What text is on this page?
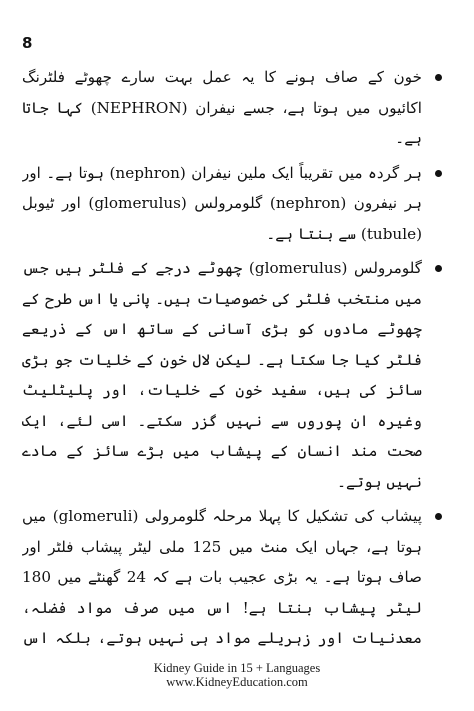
8
خون کے صاف ہونے کا یہ عمل بہت سارے چھوٹے فلٹرنگ اکائیوں میں ہوتا ہے، جسے نیفران (NEPHRON) کہا جاتا ہے۔
ہر گردہ میں تقریباً ایک ملین نیفران (nephron) ہوتا ہے۔ اور ہر نیفرون (nephron) گلومرولس (glomerulus) اور ٹیوبل (tubule) سے بنتا ہے۔
گلومرولس (glomerulus) چھوٹے درجے کے فلٹر ہیں جس میں منتخب فلٹر کی خصوصیات ہیں۔ پانی یا اس طرح کے چھوٹے مادوں کو بڑی آسانی کے ساتھ اس کے ذریعے فلٹر کیا جا سکتا ہے۔ لیکن لال خون کے خلیات جو بڑی سائز کی ہیں، سفید خون کے خلیات، اور پلیٹلیٹ وغیرہ ان پوروں سے نہیں گزر سکتے۔ اسی لئے، ایک صحت مند انسان کے پیشاب میں بڑے سائز کے مادے نہیں ہوتے۔
پیشاب کی تشکیل کا پہلا مرحلہ گلومرولی (glomeruli) میں ہوتا ہے، جہاں ایک منٹ میں 125 ملی لیٹر پیشاب فلٹر اور صاف ہوتا ہے۔ یہ بڑی عجیب بات ہے کہ 24 گھنٹے میں 180 لیٹر پیشاب بنتا ہے! اس میں صرف مواد فضلہ، معدنیات اور زہریلے مواد ہی نہیں ہوتے، بلکہ اس
Kidney Guide in 15 + Languages
www.KidneyEducation.com
